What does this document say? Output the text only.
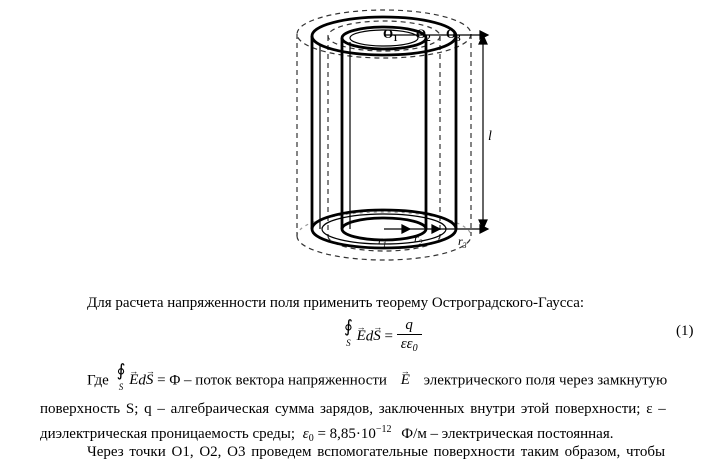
$O_1$ $O_2$ $O_3$
$r_1$ $r_2$	$r_3$
l
Для расчета напряженности поля применить теорему Остроградского-Гаусса:
∮
$^S \to Ed\to S = \frac{q}{\varepsilon\varepsilon_0}$	(1)
Где ∮
$^S$ → Ed→ S = Φ – поток вектора напряженности → E электрического поля через замкнутую
поверхность S; q – алгебраическая сумма зарядов, заключенных внутри этой поверхности; ε –
диэлектрическая проницаемость среды; $\varepsilon_0 = 8,85\cdot 10^{-12}$ Ф/м – электрическая постоянная.
Через точки O1, O2, O3 проведем вспомогательные поверхности таким образом, чтобы
